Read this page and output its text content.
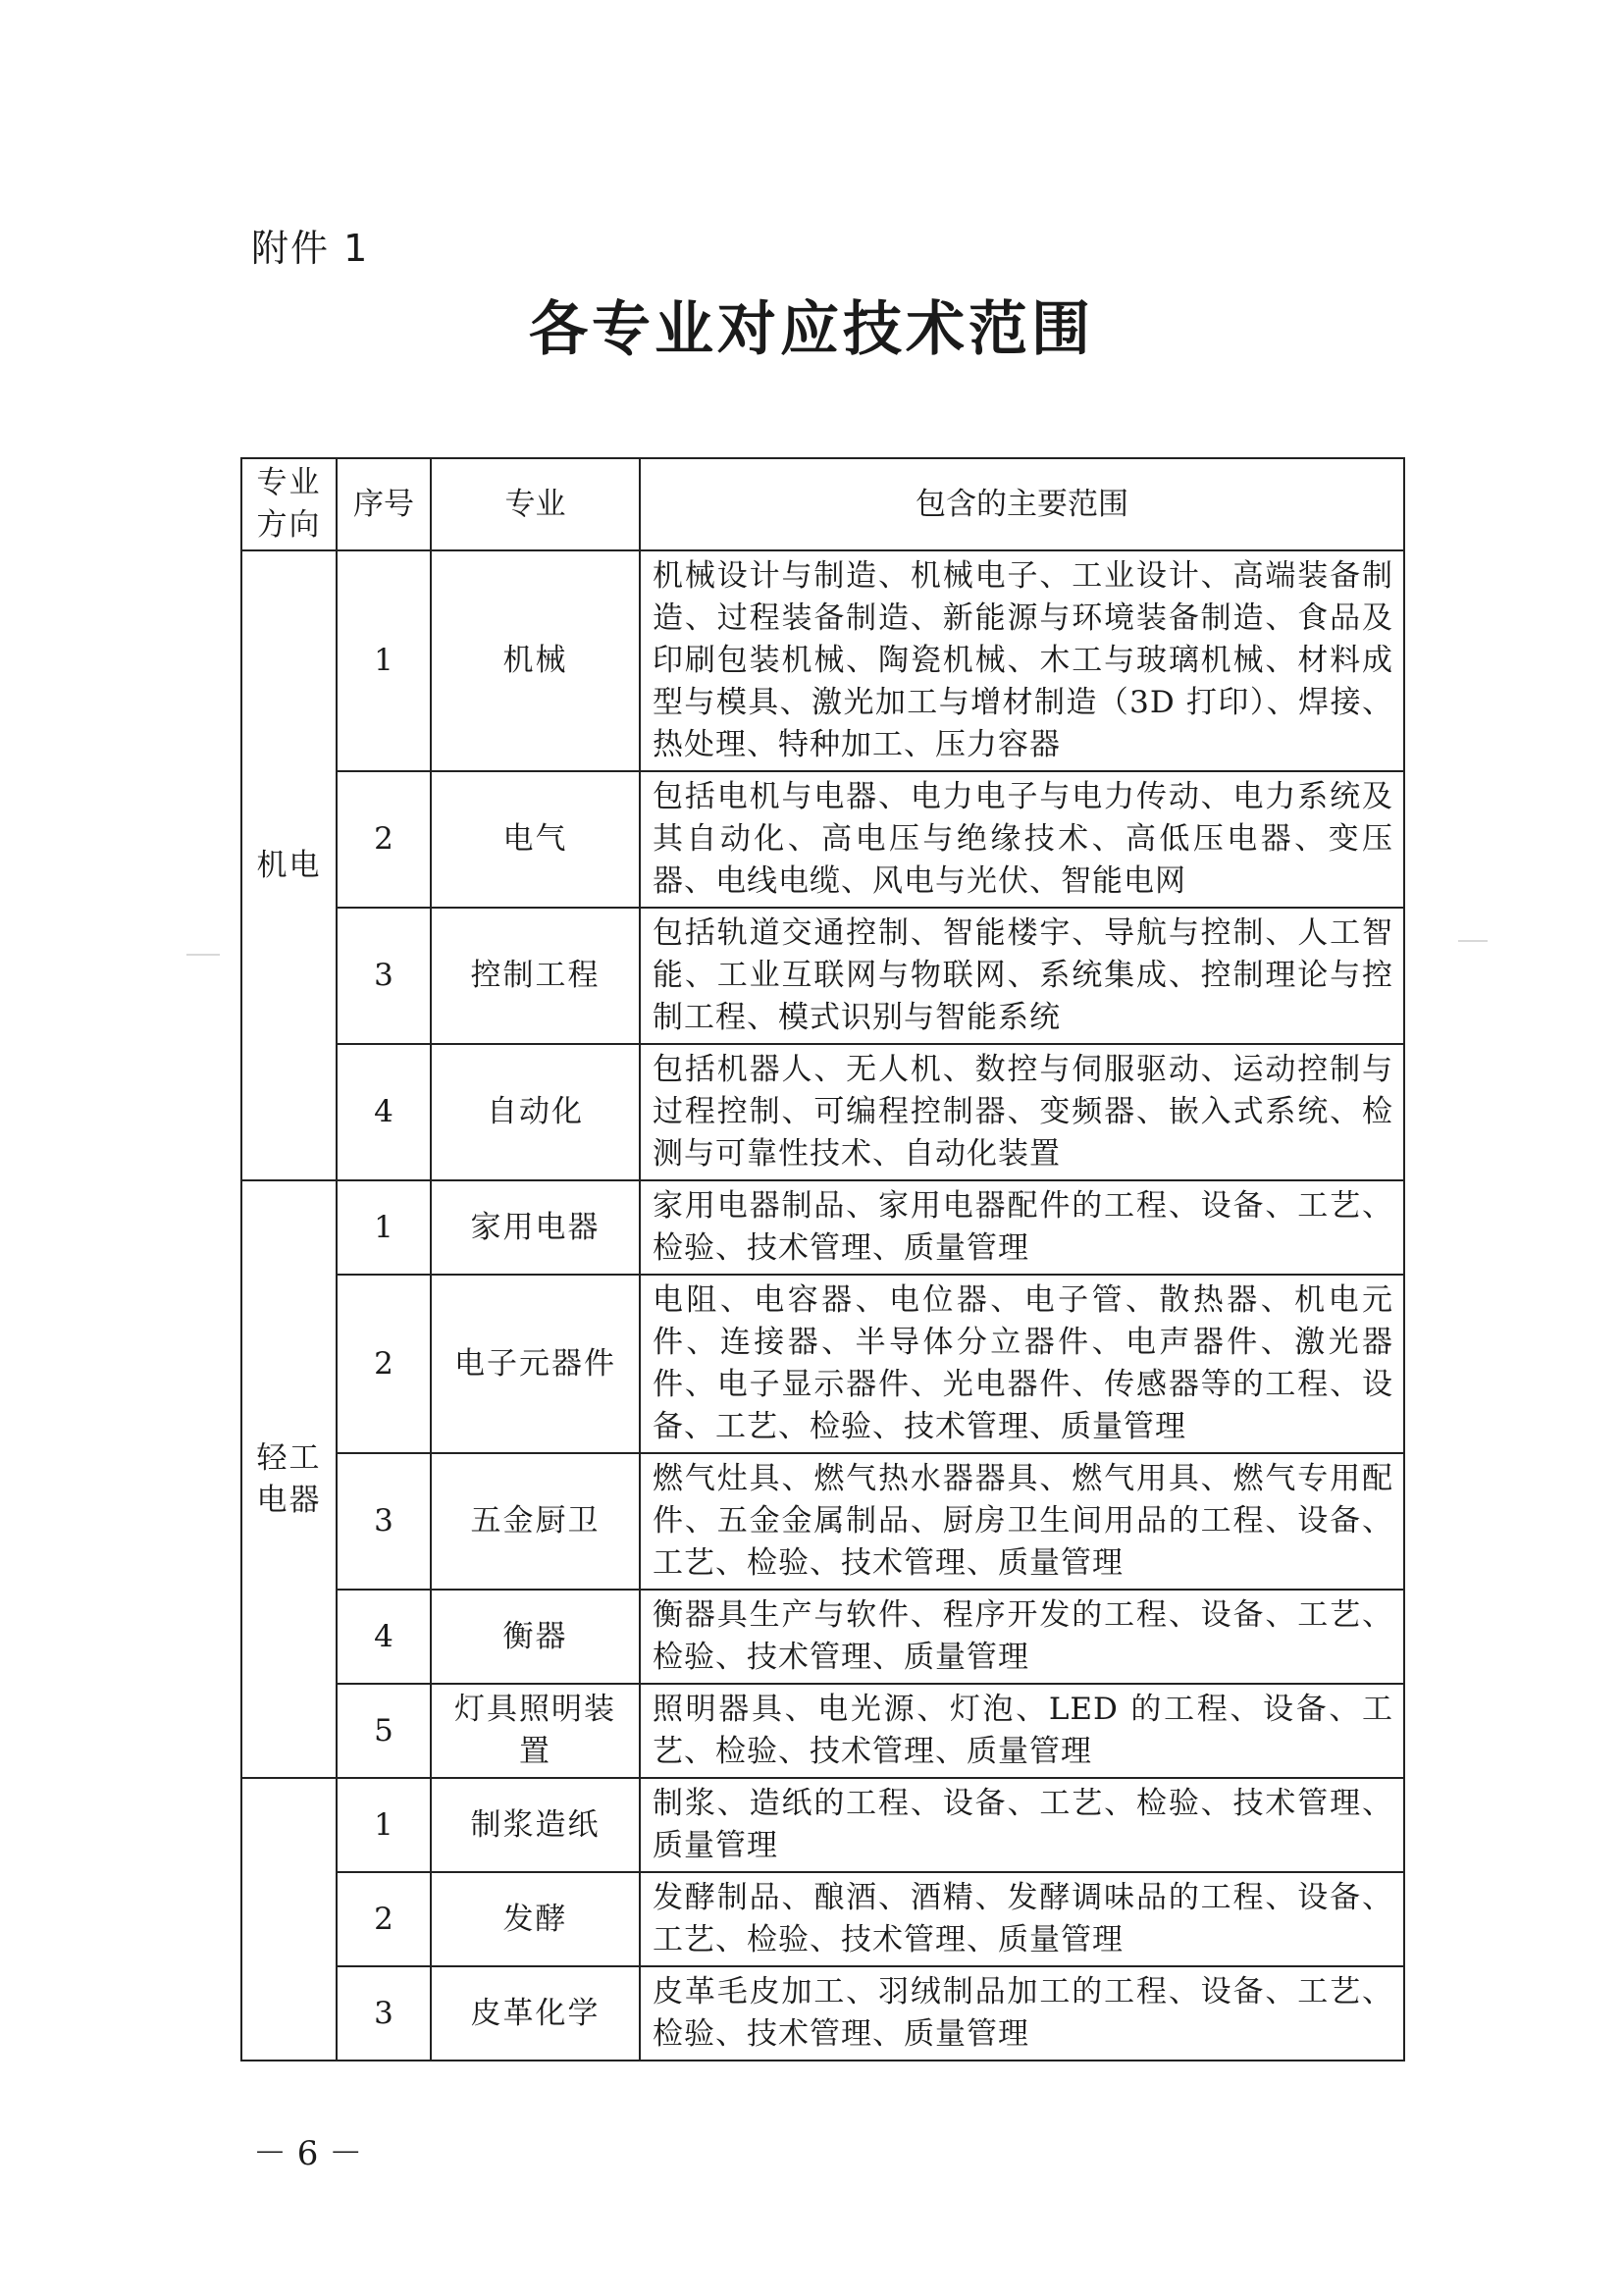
附件 1
各专业对应技术范围
专业方向	序号	专业	包含的主要范围
机电	1	机械	机械设计与制造、机械电子、工业设计、高端装备制造、过程装备制造、新能源与环境装备制造、食品及印刷包装机械、陶瓷机械、木工与玻璃机械、材料成型与模具、激光加工与增材制造（3D 打印）、焊接、热处理、特种加工、压力容器
	2	电气	包括电机与电器、电力电子与电力传动、电力系统及其自动化、高电压与绝缘技术、高低压电器、变压器、电线电缆、风电与光伏、智能电网
	3	控制工程	包括轨道交通控制、智能楼宇、导航与控制、人工智能、工业互联网与物联网、系统集成、控制理论与控制工程、模式识别与智能系统
	4	自动化	包括机器人、无人机、数控与伺服驱动、运动控制与过程控制、可编程控制器、变频器、嵌入式系统、检测与可靠性技术、自动化装置
轻工电器	1	家用电器	家用电器制品、家用电器配件的工程、设备、工艺、检验、技术管理、质量管理
	2	电子元器件	电阻、电容器、电位器、电子管、散热器、机电元件、连接器、半导体分立器件、电声器件、激光器件、电子显示器件、光电器件、传感器等的工程、设备、工艺、检验、技术管理、质量管理
	3	五金厨卫	燃气灶具、燃气热水器器具、燃气用具、燃气专用配件、五金金属制品、厨房卫生间用品的工程、设备、工艺、检验、技术管理、质量管理
	4	衡器	衡器具生产与软件、程序开发的工程、设备、工艺、检验、技术管理、质量管理
	5	灯具照明装置	照明器具、电光源、灯泡、LED 的工程、设备、工艺、检验、技术管理、质量管理
	1	制浆造纸	制浆、造纸的工程、设备、工艺、检验、技术管理、质量管理
	2	发酵	发酵制品、酿酒、酒精、发酵调味品的工程、设备、工艺、检验、技术管理、质量管理
	3	皮革化学	皮革毛皮加工、羽绒制品加工的工程、设备、工艺、检验、技术管理、质量管理
－ 6 －
